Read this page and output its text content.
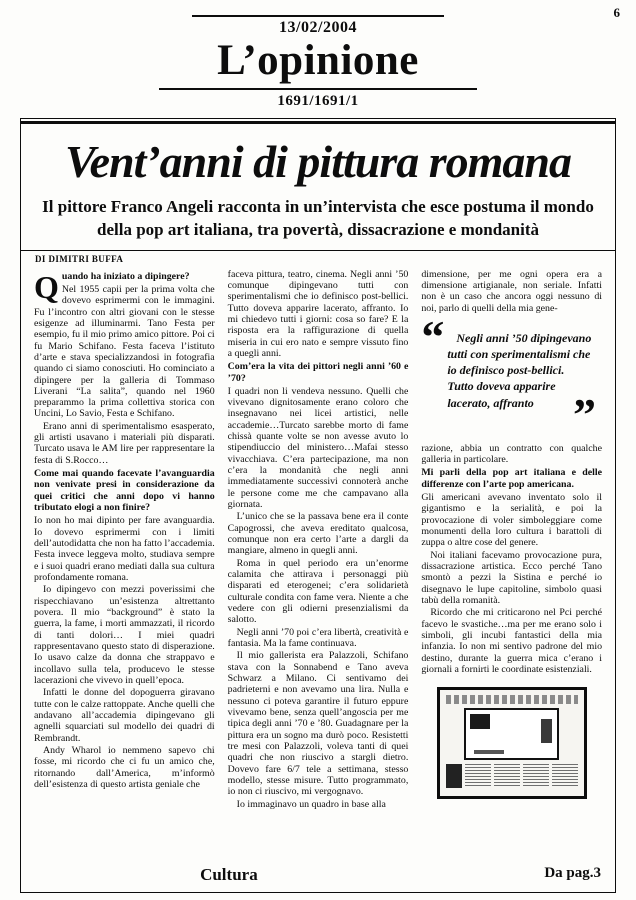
6
13/02/2004
L’opinione
1691/1691/1
Vent’anni di pittura romana

Il pittore Franco Angeli racconta in un’intervista che esce postuma il mondo della pop art italiana, tra povertà, dissacrazione e mondanità

DI DIMITRI BUFFA

Quando ha iniziato a dipingere?

Nel 1955 capii per la prima volta che dovevo esprimermi con le immagini. Fu l’incontro con altri giovani con le stesse esigenze ad illuminarmi. Tano Festa per esempio, fu il mio primo amico pittore. Poi ci fu Mario Schifano. Festa faceva l’istituto d’arte e stava specializzandosi in fotografia quando ci siamo conosciuti. Ho cominciato a dipingere per la galleria di Tommaso Liverani “La salita”, quando nel 1960 preparammo la prima collettiva storica con Uncini, Lo Savio, Festa e Schifano.

Erano anni di sperimentalismo esasperato, gli artisti usavano i materiali più disparati. Turcato usava le AM lire per rappresentare la festa di S.Rocco…

Come mai quando facevate l’avanguardia non venivate presi in considerazione da quei critici che anni dopo vi hanno tributato elogi a non finire?

Io non ho mai dipinto per fare avanguardia. Io dovevo esprimermi con i limiti dell’autodidatta che non ha fatto l’accademia. Festa invece leggeva molto, studiava sempre e i suoi quadri erano mediati dalla sua cultura profondamente romana.

Io dipingevo con mezzi poverissimi che rispecchiavano un’esistenza altrettanto povera. Il mio “background” è stato la guerra, la fame, i morti ammazzati, il ricordo di tanti dolori… I miei quadri rappresentavano questo stato di disperazione. Io usavo calze da donna che strappavo e incollavo sulla tela, producevo le stesse lacerazioni che vivevo in quell’epoca.

Infatti le donne del dopoguerra giravano tutte con le calze rattoppate. Anche quelli che andavano all’accademia dipingevano gli agnelli squarciati sul modello dei quadri di Rembrandt.

Andy Wharol io nemmeno sapevo chi fosse, mi ricordo che ci fu un amico che, ritornando dall’America, m’informò dell’esistenza di questo artista geniale che

faceva pittura, teatro, cinema. Negli anni ’50 comunque dipingevano tutti con sperimentalismi che io definisco post-bellici. Tutto doveva apparire lacerato, affranto. Io mi chiedevo tutti i giorni: cosa so fare? E la risposta era la raffigurazione di quella miseria in cui ero nato e sempre vissuto fino a quegli anni.

Com’era la vita dei pittori negli anni ’60 e ’70?

I quadri non li vendeva nessuno. Quelli che vivevano dignitosamente erano coloro che insegnavano nei licei artistici, nelle accademie…Turcato sarebbe morto di fame chissà quante volte se non avesse avuto lo stipendiuccio del ministero…Mafai stesso vivacchiava. C’era partecipazione, ma non c’era la mondanità che negli anni immediatamente successivi connoterà anche le persone come me che campavano alla giornata.

L’unico che se la passava bene era il conte Capogrossi, che aveva ereditato qualcosa, comunque non era certo l’arte a dargli da mangiare, almeno in quegli anni.

Roma in quel periodo era un’enorme calamita che attirava i personaggi più disparati ed eterogenei; c’era solidarietà culturale condita con fame vera. Niente a che vedere con gli odierni presenzialismi da salotto.

Negli anni ’70 poi c’era libertà, creatività e fantasia. Ma la fame continuava.

Il mio gallerista era Palazzoli, Schifano stava con la Sonnabend e Tano aveva Schwarz a Milano. Ci sentivamo dei padrieterni e non avevamo una lira. Nulla e nessuno ci poteva garantire il futuro eppure vivevamo bene, senza quell’angoscia per me tipica degli anni ’70 e ’80. Guadagnare per la pittura era un sogno ma durò poco. Resistetti tre mesi con Palazzoli, voleva tanti di quei quadri che non riuscivo a stargli dietro. Dovevo fare 6/7 tele a settimana, stesso modello, stesse misure. Tutto programmato, io non ci riuscivo, mi vergognavo.

Io immaginavo un quadro in base alla

dimensione, per me ogni opera era a dimensione artigianale, non seriale. Infatti non è un caso che ancora oggi nessuno di noi, parlo di quelli della mia gene-

“	Negli anni ’50 dipingevano tutti con sperimentalismi che io definisco post-bellici. Tutto doveva apparire lacerato, affranto ”

razione, abbia un contratto con qualche galleria in particolare.

Mi parli della pop art italiana e delle differenze con l’arte pop americana.

Gli americani avevano inventato solo il gigantismo e la serialità, e poi la provocazione di voler simboleggiare come monumenti della loro cultura i barattoli di zuppa o altre cose del genere.

Noi italiani facevamo provocazione pura, dissacrazione artistica. Ecco perché Tano smontò a pezzi la Sistina e perché io disegnavo le lupe capitoline, simbolo quasi tabù della romanità.

Ricordo che mi criticarono nel Pci perché facevo le svastiche…ma per me erano solo i simboli, gli incubi fantastici della mia infanzia. Io non mi sentivo padrone del mio destino, durante la guerra mica c’erano i giornali a fornirti le coordinate esistenziali.

Cultura	Da pag.3
